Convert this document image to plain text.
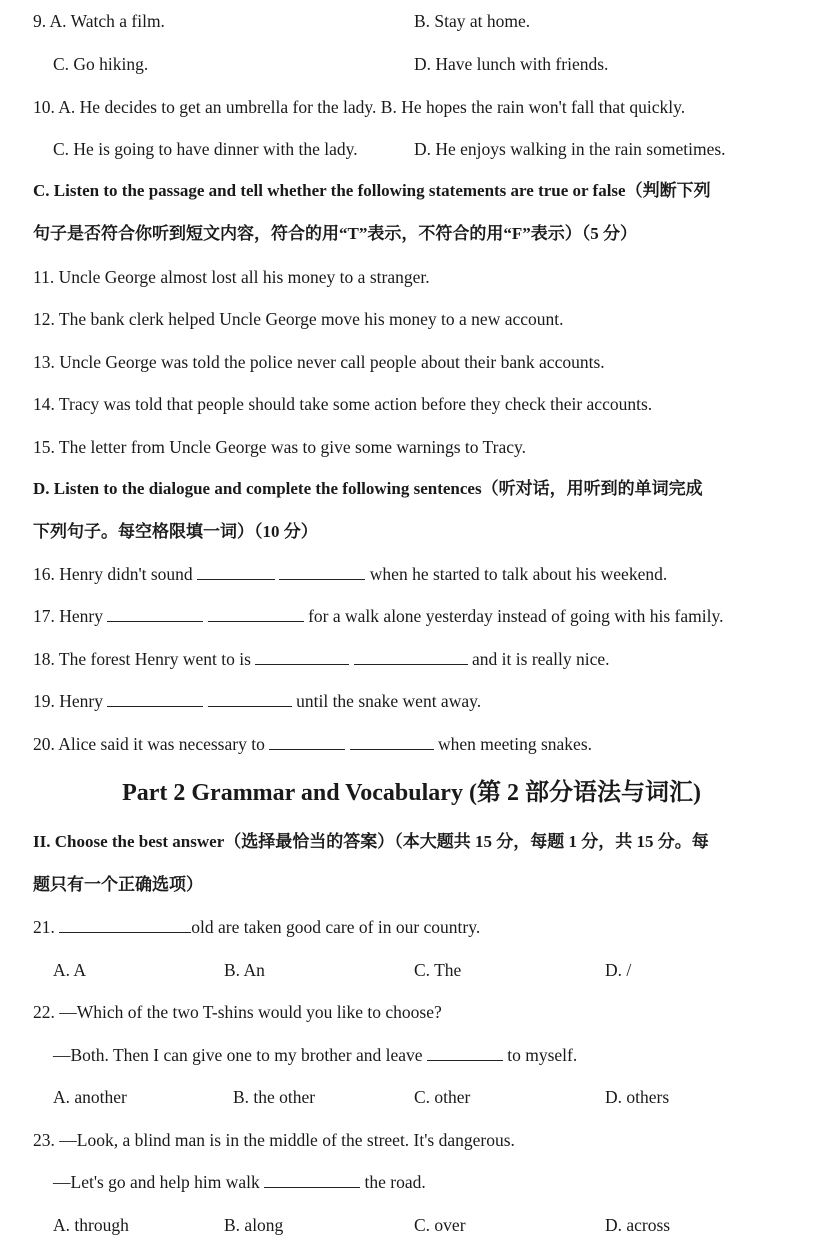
9. A. Watch a film.	B. Stay at home.
C. Go hiking.	D. Have lunch with friends.
10. A. He decides to get an umbrella for the lady. B. He hopes the rain won't fall that quickly.
C. He is going to have dinner with the lady.	D. He enjoys walking in the rain sometimes.
C. Listen to the passage and tell whether the following statements are true or false（判断下列
句子是否符合你听到短文内容，符合的用“T”表示，不符合的用“F”表示）（5 分）
11. Uncle George almost lost all his money to a stranger.
12. The bank clerk helped Uncle George move his money to a new account.
13. Uncle George was told the police never call people about their bank accounts.
14. Tracy was told that people should take some action before they check their accounts.
15. The letter from Uncle George was to give some warnings to Tracy.
D. Listen to the dialogue and complete the following sentences（听对话，用听到的单词完成
下列句子。每空格限填一词）（10 分）
16. Henry didn't sound	when he started to talk about his weekend.
17. Henry	for a walk alone yesterday instead of going with his family.
18. The forest Henry went to is	and it is really nice.
19. Henry	until the snake went away.
20. Alice said it was necessary to	when meeting snakes.
Part 2 Grammar and Vocabulary (第 2 部分语法与词汇)
II. Choose the best answer（选择最恰当的答案）（本大题共 15 分，每题 1 分，共 15 分。每
题只有一个正确选项）
21.	old are taken good care of in our country.
A. A	B. An	C. The	D. /
22. —Which of the two T-shins would you like to choose?
—Both. Then I can give one to my brother and leave	to myself.
A. another	B. the other	C. other	D. others
23. —Look, a blind man is in the middle of the street. It's dangerous.
—Let's go and help him walk	the road.
A. through	B. along	C. over	D. across
